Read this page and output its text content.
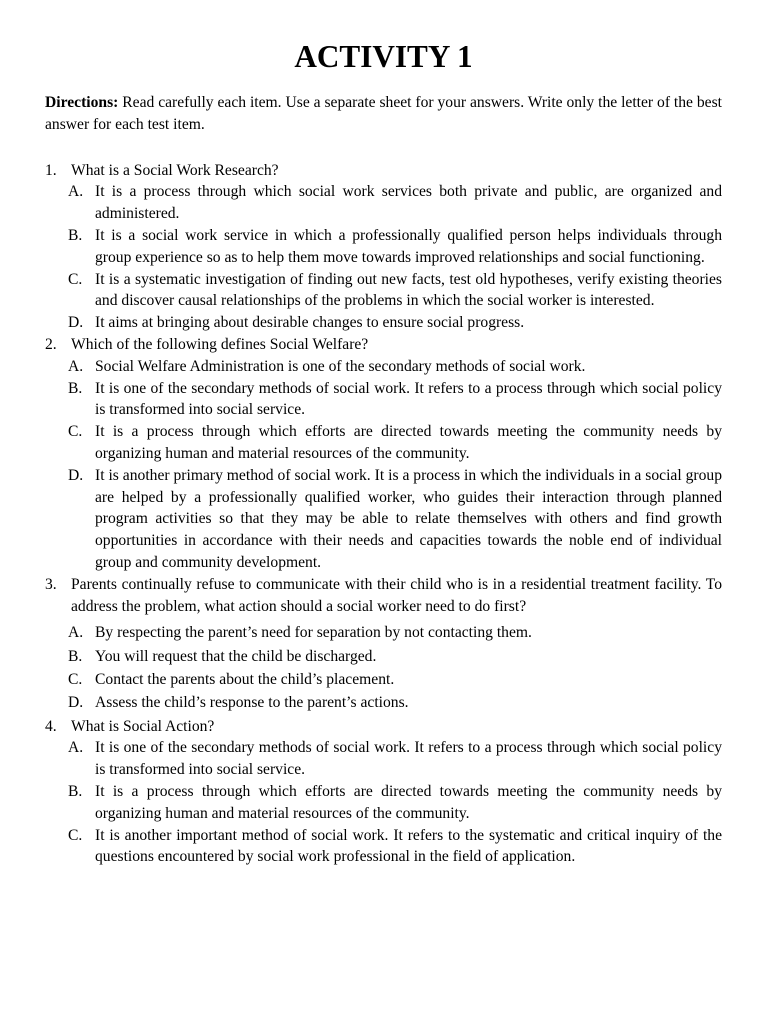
ACTIVITY 1

Directions: Read carefully each item. Use a separate sheet for your answers. Write only the letter of the best answer for each test item.

1. What is a Social Work Research?
A. It is a process through which social work services both private and public, are organized and administered.
B. It is a social work service in which a professionally qualified person helps individuals through group experience so as to help them move towards improved relationships and social functioning.
C. It is a systematic investigation of finding out new facts, test old hypotheses, verify existing theories and discover causal relationships of the problems in which the social worker is interested.
D. It aims at bringing about desirable changes to ensure social progress.
2. Which of the following defines Social Welfare?
A. Social Welfare Administration is one of the secondary methods of social work.
B. It is one of the secondary methods of social work. It refers to a process through which social policy is transformed into social service.
C. It is a process through which efforts are directed towards meeting the community needs by organizing human and material resources of the community.
D. It is another primary method of social work. It is a process in which the individuals in a social group are helped by a professionally qualified worker, who guides their interaction through planned program activities so that they may be able to relate themselves with others and find growth opportunities in accordance with their needs and capacities towards the noble end of individual group and community development.
3. Parents continually refuse to communicate with their child who is in a residential treatment facility. To address the problem, what action should a social worker need to do first?
A. By respecting the parent’s need for separation by not contacting them.
B. You will request that the child be discharged.
C. Contact the parents about the child’s placement.
D. Assess the child’s response to the parent’s actions.
4. What is Social Action?
A. It is one of the secondary methods of social work. It refers to a process through which social policy is transformed into social service.
B. It is a process through which efforts are directed towards meeting the community needs by organizing human and material resources of the community.
C. It is another important method of social work. It refers to the systematic and critical inquiry of the questions encountered by social work professional in the field of application.
